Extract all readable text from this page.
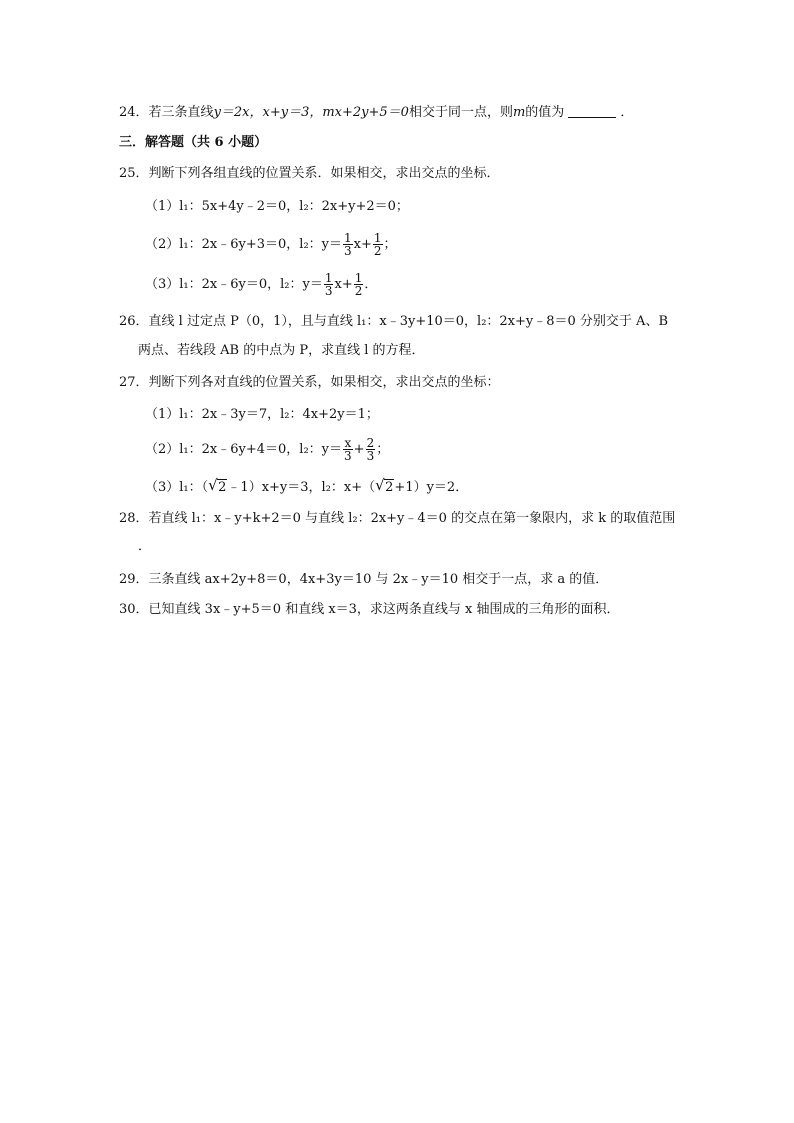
24．若三条直线y＝2x，x+y＝3，mx+2y+5＝0相交于同一点，则m的值为	．
三．解答题（共 6 小题）
25．判断下列各组直线的位置关系．如果相交，求出交点的坐标．
（1）l₁：5x+4y﹣2＝0，l₂：2x+y+2＝0；
（2）l₁：2x﹣6y+3＝0，l₂：$y= \frac{1}{3} x+ \frac{1}{2}$ ；
（3）l₁：2x﹣6y＝0，l₂：$y= \frac{1}{3} x+ \frac{1}{2}$ ．
26．直线 l 过定点 P（0，1），且与直线 l₁：x﹣3y+10＝0，l₂：2x+y﹣8＝0 分别交于 A、B
两点、若线段 AB 的中点为 P，求直线 l 的方程．
27．判断下列各对直线的位置关系，如果相交，求出交点的坐标：
（1）l₁：2x﹣3y＝7，l₂：4x+2y＝1；
（2）l₁：2x﹣6y+4＝0，l₂：$y= \frac{x}{3} + \frac{2}{3}$ ；
（3）l₁：（ √ 2﹣1）x+y＝3，l₂：x+（ √ 2+1）y＝2．
28．若直线 l₁：x﹣y+k+2＝0 与直线 l₂：2x+y﹣4＝0 的交点在第一象限内，求 k 的取值范围
．
29．三条直线 ax+2y+8＝0，4x+3y＝10 与 2x﹣y＝10 相交于一点，求 a 的值．
30．已知直线 3x﹣y+5＝0 和直线 x＝3，求这两条直线与 x 轴围成的三角形的面积．
